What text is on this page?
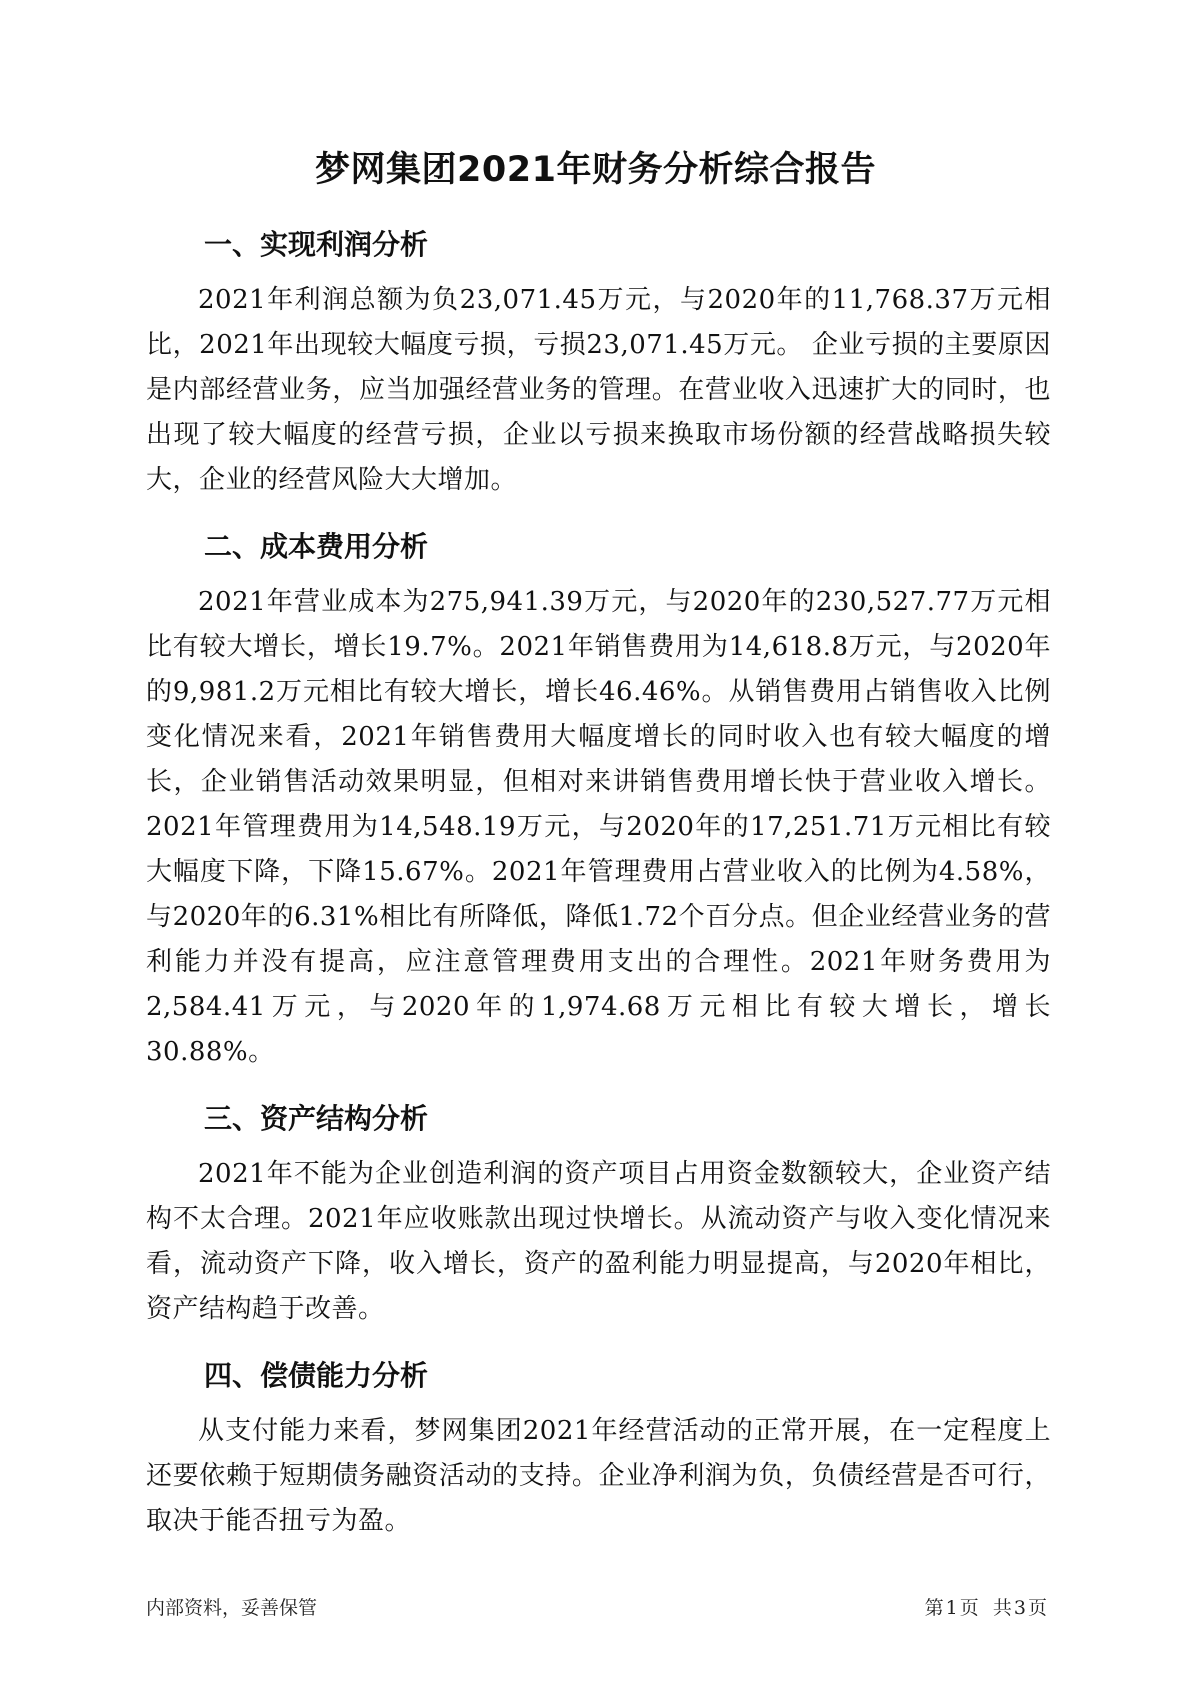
梦网集团2021年财务分析综合报告
一、实现利润分析

2021年利润总额为负23,071.45万元，与2020年的11,768.37万元相比，2021年出现较大幅度亏损，亏损23,071.45万元。 企业亏损的主要原因是内部经营业务，应当加强经营业务的管理。在营业收入迅速扩大的同时，也出现了较大幅度的经营亏损，企业以亏损来换取市场份额的经营战略损失较大，企业的经营风险大大增加。

二、成本费用分析

2021年营业成本为275,941.39万元，与2020年的230,527.77万元相比有较大增长，增长19.7%。2021年销售费用为14,618.8万元，与2020年的9,981.2万元相比有较大增长，增长46.46%。从销售费用占销售收入比例变化情况来看，2021年销售费用大幅度增长的同时收入也有较大幅度的增长，企业销售活动效果明显，但相对来讲销售费用增长快于营业收入增长。2021年管理费用为14,548.19万元，与2020年的17,251.71万元相比有较大幅度下降，下降15.67%。2021年管理费用占营业收入的比例为4.58%，与2020年的6.31%相比有所降低，降低1.72个百分点。但企业经营业务的营利能力并没有提高，应注意管理费用支出的合理性。2021年财务费用为2,584.41万元，与2020年的1,974.68万元相比有较大增长，增长30.88%。

三、资产结构分析

2021年不能为企业创造利润的资产项目占用资金数额较大，企业资产结构不太合理。2021年应收账款出现过快增长。从流动资产与收入变化情况来看，流动资产下降，收入增长，资产的盈利能力明显提高，与2020年相比，资产结构趋于改善。

四、偿债能力分析

从支付能力来看，梦网集团2021年经营活动的正常开展，在一定程度上还要依赖于短期债务融资活动的支持。企业净利润为负，负债经营是否可行，取决于能否扭亏为盈。

内部资料，妥善保管	第 1 页 共 3 页
